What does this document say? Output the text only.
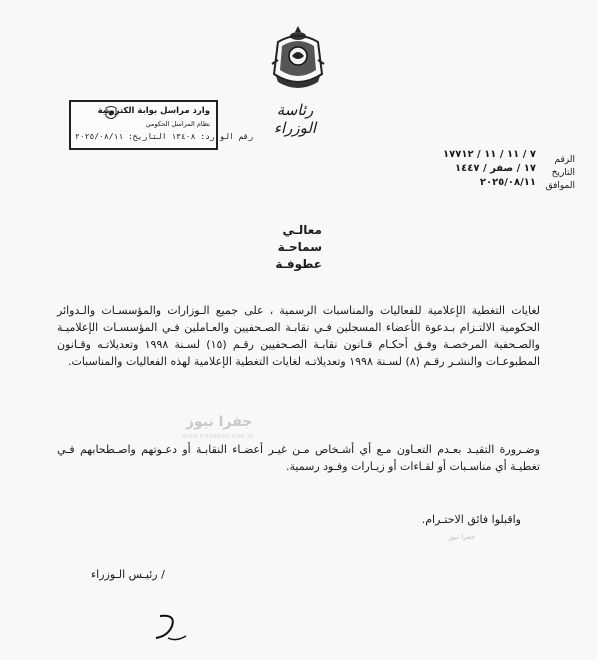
رئاسة الوزراء
وارد مراسل بوابة الكترونية
نظام المراسل الحكومي
رقم الوارد: ١٣٤٠٨ التاريخ: ٢٠٢٥/٠٨/١١
الرقم
التاريخ
الموافق
٧ / ١١ / ١١ / ١٧٧١٢
١٧ / صفر / ١٤٤٧
٢٠٢٥/٠٨/١١
معالـي
سماحـة
عطوفـة
لغايات التغطية الإعلامية للفعاليات والمناسبات الرسمية ، على جميع الـوزارات والمؤسسـات والـدوائر الحكومية الالتـزام بـدعوة الأعضاء المسجلين فـي نقابـة الصـحفيين والعـاملين فـي المؤسسـات الإعلاميـة والصـحفية المرخصـة وفـق أحكـام قـانون نقابـة الصـحفيين رقـم (١٥) لسـنة ١٩٩٨ وتعديلاتـه وقـانون المطبوعـات والنشـر رقـم (٨) لسـنة ١٩٩٨ وتعديلاتـه لغايات التغطية الإعلامية لهذه الفعاليات والمناسبات.
جفرا نيوز
WWW.JFRANEWS.COM.JO
وضـرورة التقيـد بعـدم التعـاون مـع أي أشـخاص مـن غيـر أعضـاء النقابـة أو دعـوتهم واصـطحابهم فـي تغطيـة أي مناسـبات أو لقـاءات أو زيـارات وفـود رسمية.
جفرا نيوز
واقبلوا فائق الاحتـرام.
/ رئيـس الـوزراء
